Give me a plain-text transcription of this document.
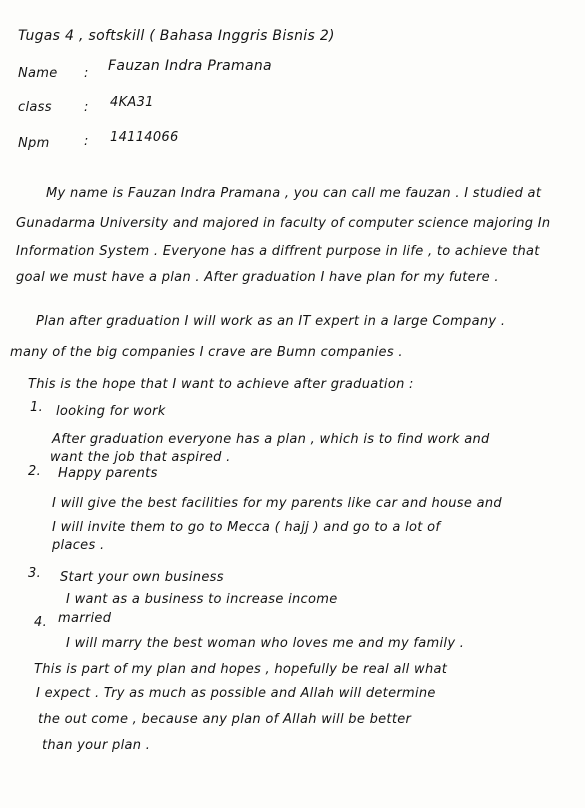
Tugas 4 , softskill ( Bahasa Inggris Bisnis 2)
Name : Fauzan Indra Pramana
class : 4KA31
Npm	: 14114066
My name is Fauzan Indra Pramana , you can call me fauzan . I studied at
Gunadarma University and majored in faculty of computer science majoring In
Information System . Everyone has a diffrent purpose in life , to achieve that
goal we must have a plan . After graduation I have plan for my futere .
Plan after graduation I will work as an IT expert in a large Company .
many of the big companies I crave are Bumn companies .
This is the hope that I want to achieve after graduation :
1. looking for work
After graduation everyone has a plan , which is to find work and
want the job that aspired .
2. Happy parents
I will give the best facilities for my parents like car and house and
I will invite them to go to Mecca ( hajj ) and go to a lot of
places .
3. Start your own business
I want as a business to increase income
4. married
I will marry the best woman who loves me and my family .
This is part of my plan and hopes , hopefully be real all what
I expect . Try as much as possible and Allah will determine
the out come , because any plan of Allah will be better
than your plan .
